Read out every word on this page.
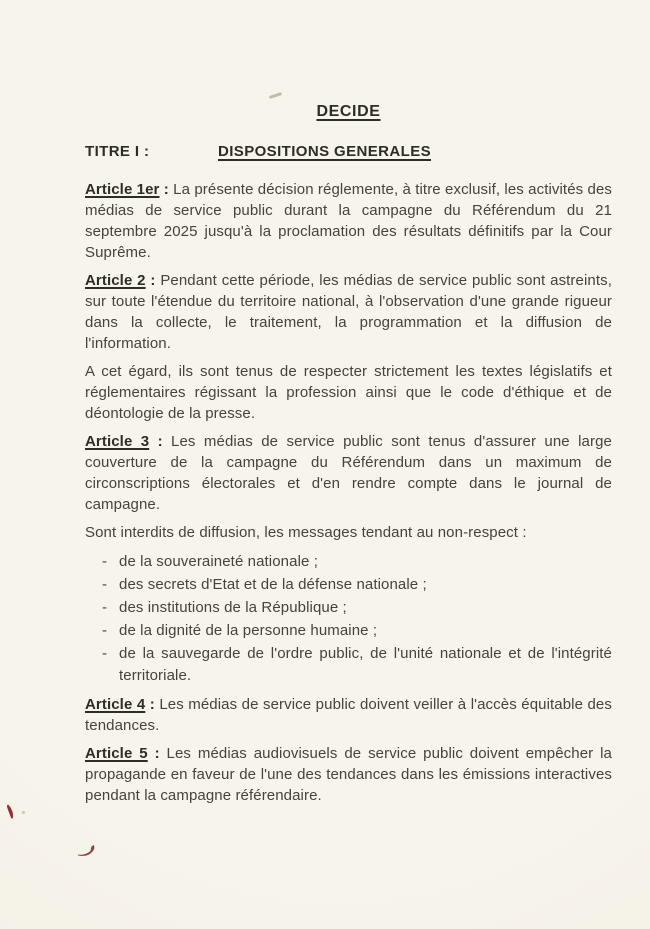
DECIDE
TITRE I :	DISPOSITIONS GENERALES

Article 1er : La présente décision réglemente, à titre exclusif, les activités des médias de service public durant la campagne du Référendum du 21 septembre 2025 jusqu'à la proclamation des résultats définitifs par la Cour Suprême.

Article 2 : Pendant cette période, les médias de service public sont astreints, sur toute l'étendue du territoire national, à l'observation d'une grande rigueur dans la collecte, le traitement, la programmation et la diffusion de l'information.

A cet égard, ils sont tenus de respecter strictement les textes législatifs et réglementaires régissant la profession ainsi que le code d'éthique et de déontologie de la presse.

Article 3 : Les médias de service public sont tenus d'assurer une large couverture de la campagne du Référendum dans un maximum de circonscriptions électorales et d'en rendre compte dans le journal de campagne.

Sont interdits de diffusion, les messages tendant au non-respect :

- de la souveraineté nationale ;
- des secrets d'Etat et de la défense nationale ;
- des institutions de la République ;
- de la dignité de la personne humaine ;
- de la sauvegarde de l'ordre public, de l'unité nationale et de l'intégrité territoriale.

Article 4 : Les médias de service public doivent veiller à l'accès équitable des tendances.

Article 5 : Les médias audiovisuels de service public doivent empêcher la propagande en faveur de l'une des tendances dans les émissions interactives pendant la campagne référendaire.
